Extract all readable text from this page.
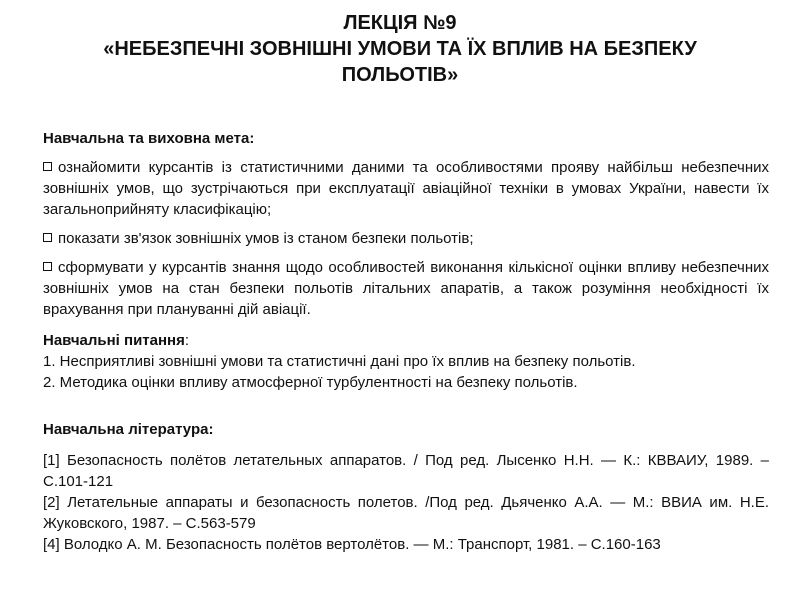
ЛЕКЦІЯ №9
«НЕБЕЗПЕЧНІ ЗОВНІШНІ УМОВИ ТА ЇХ ВПЛИВ НА БЕЗПЕКУ
ПОЛЬОТІВ»

Навчальна та виховна мета:

ознайомити курсантів із статистичними даними та особливостями прояву найбільш небезпечних зовнішніх умов, що зустрічаються при експлуатації авіаційної техніки в умовах України, навести їх загальноприйняту класифікацію;

показати зв'язок зовнішніх умов із станом безпеки польотів;

сформувати у курсантів знання щодо особливостей виконання кількісної оцінки впливу небезпечних зовнішніх умов на стан безпеки польотів літальних апаратів, а також розуміння необхідності їх врахування при плануванні дій авіації.

Навчальні питання:

1. Несприятливі зовнішні умови та статистичні дані про їх вплив на безпеку польотів.

2. Методика оцінки впливу атмосферної турбулентності на безпеку польотів.

Навчальна література:

[1] Безопасность полётов летательных аппаратов. / Под ред. Лысенко Н.Н. — К.: КВВАИУ, 1989. – С.101-121

[2] Летательные аппараты и безопасность полетов. /Под ред. Дьяченко А.А. — М.: ВВИА им. Н.Е. Жуковского, 1987. – С.563-579

[4] Володко А. М. Безопасность полётов вертолётов. — М.: Транспорт, 1981. – С.160-163
